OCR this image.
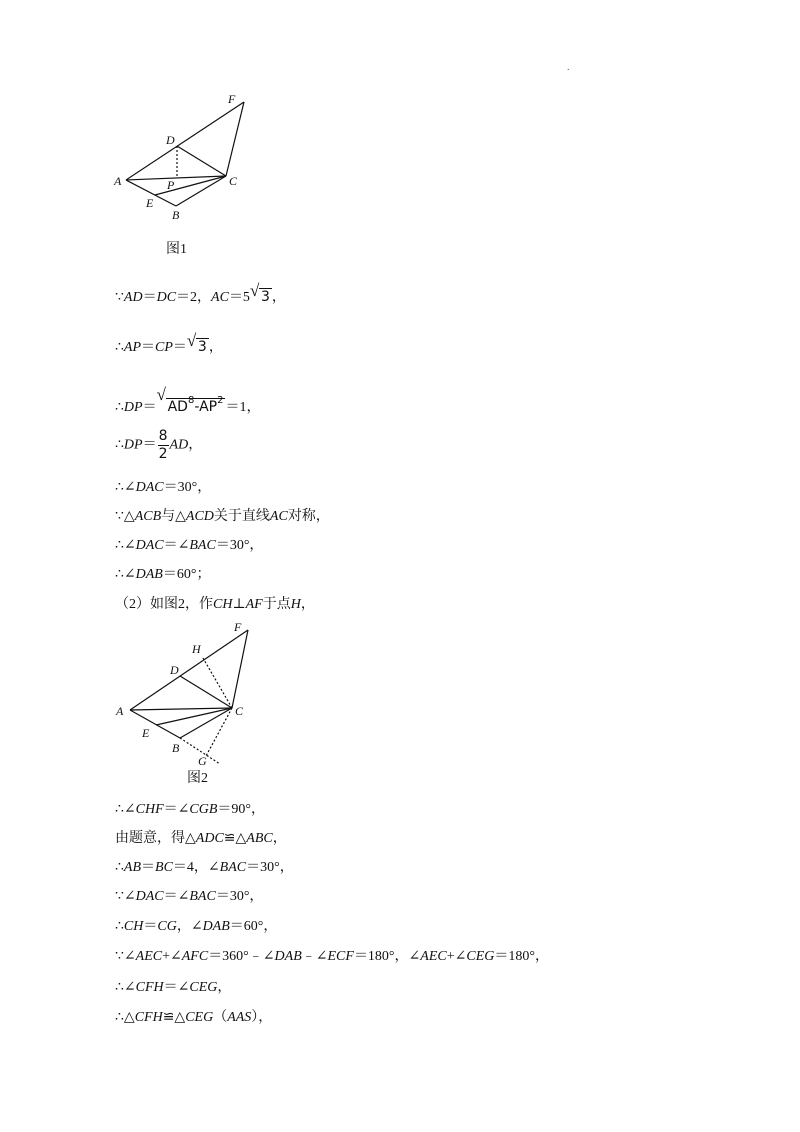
.
F
D
A	P	C
E
B
图1
∵AD＝DC＝2，AC＝5 √ 3 ，
∴AP＝CP＝ √ 3 ，
∴DP＝
√
$AD^8-AP^2 =1$，
∴DP＝ $\frac{8}{2}$ AD，
∴∠DAC＝30°，
∵△ACB与△ACD关于直线AC对称，
∴∠DAC＝∠BAC＝30°，
∴∠DAB＝60°；
（2）如图2，作CH⊥AF于点H，
F
H
D
A	C
E
B
G
图2
∴∠CHF＝∠CGB＝90°，
由题意，得△ADC≌△ABC，
∴AB＝BC＝4，∠BAC＝30°，
∵∠DAC＝∠BAC＝30°，
∴CH＝CG，∠DAB＝60°，
∵∠AEC+∠AFC＝360°﹣∠DAB﹣∠ECF＝180°，∠AEC+∠CEG＝180°，
∴∠CFH＝∠CEG，
∴△CFH≌△CEG（AAS），
